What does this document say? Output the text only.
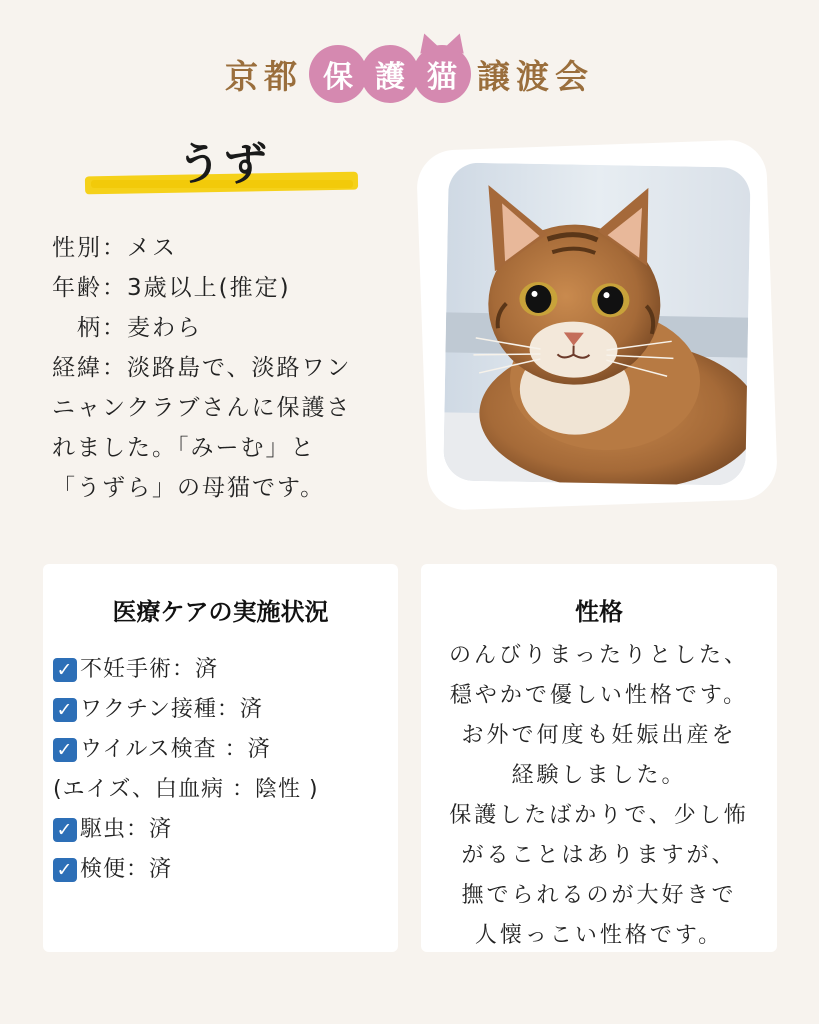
京都 保 護 猫 譲渡会
うず

性別：メス

年齢：3歳以上(推定)

　柄：麦わら

経緯：淡路島で、淡路ワン

ニャンクラブさんに保護さ

れました。「みーむ」と

「うずら」の母猫です。

医療ケアの実施状況
✓ 不妊手術：済
✓ ワクチン接種：済
✓ ウイルス検査 ：済
(エイズ、白血病 ：陰性 )
✓ 駆虫：済
✓ 検便：済
性格

のんびりまったりとした、

穏やかで優しい性格です。

お外で何度も妊娠出産を

経験しました。

保護したばかりで、少し怖

がることはありますが、

撫でられるのが大好きで

人懐っこい性格です。
